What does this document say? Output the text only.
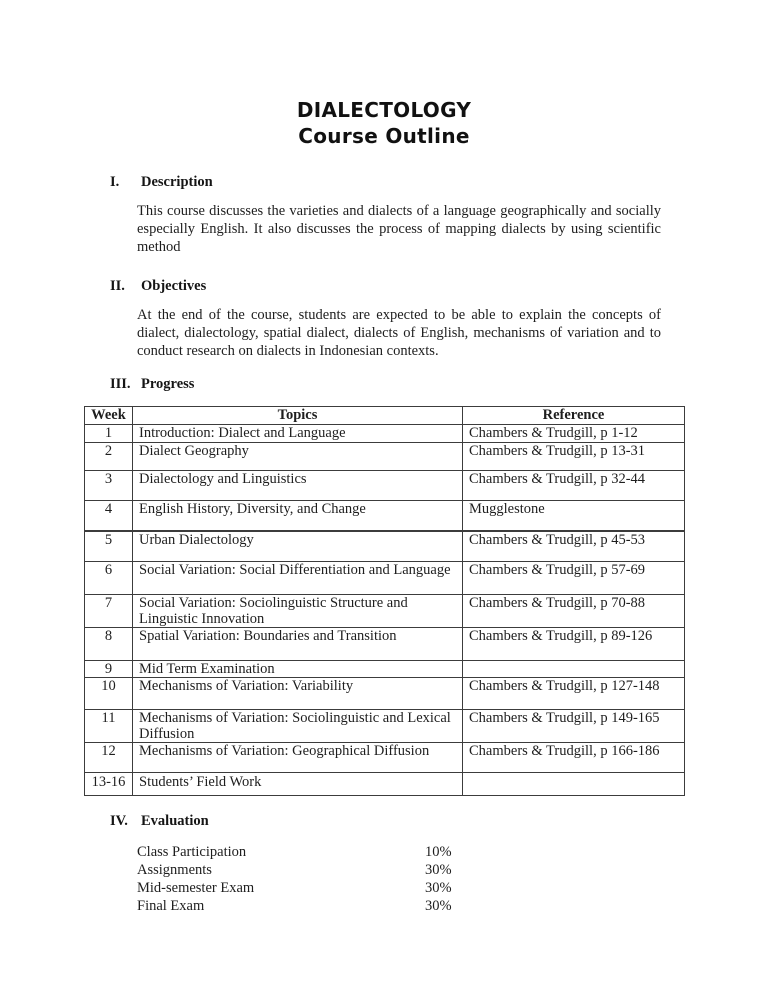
DIALECTOLOGY
Course Outline
I.	Description
This course discusses the varieties and dialects of a language geographically and socially especially English. It also discusses the process of mapping dialects by using scientific method
II.	Objectives
At the end of the course, students are expected to be able to explain the concepts of dialect, dialectology, spatial dialect, dialects of English, mechanisms of variation and to conduct research on dialects in Indonesian contexts.
III. Progress
Week	Topics	Reference
1	Introduction: Dialect and Language	Chambers & Trudgill, p 1-12
2	Dialect Geography	Chambers & Trudgill, p 13-31
3	Dialectology and Linguistics	Chambers & Trudgill, p 32-44
4	English History, Diversity, and Change	Mugglestone
5	Urban Dialectology	Chambers & Trudgill, p 45-53
6	Social Variation: Social Differentiation and Language	Chambers & Trudgill, p 57-69
7	Social Variation: Sociolinguistic Structure and Linguistic Innovation	Chambers & Trudgill, p 70-88
8	Spatial Variation: Boundaries and Transition	Chambers & Trudgill, p 89-126
9	Mid Term Examination	
10	Mechanisms of Variation: Variability	Chambers & Trudgill, p 127-148
11	Mechanisms of Variation: Sociolinguistic and Lexical Diffusion	Chambers & Trudgill, p 149-165
12	Mechanisms of Variation: Geographical Diffusion	Chambers & Trudgill, p 166-186
13-16	Students’ Field Work	
IV. Evaluation
Class Participation	10%
Assignments	30%
Mid-semester Exam	30%
Final Exam	30%
